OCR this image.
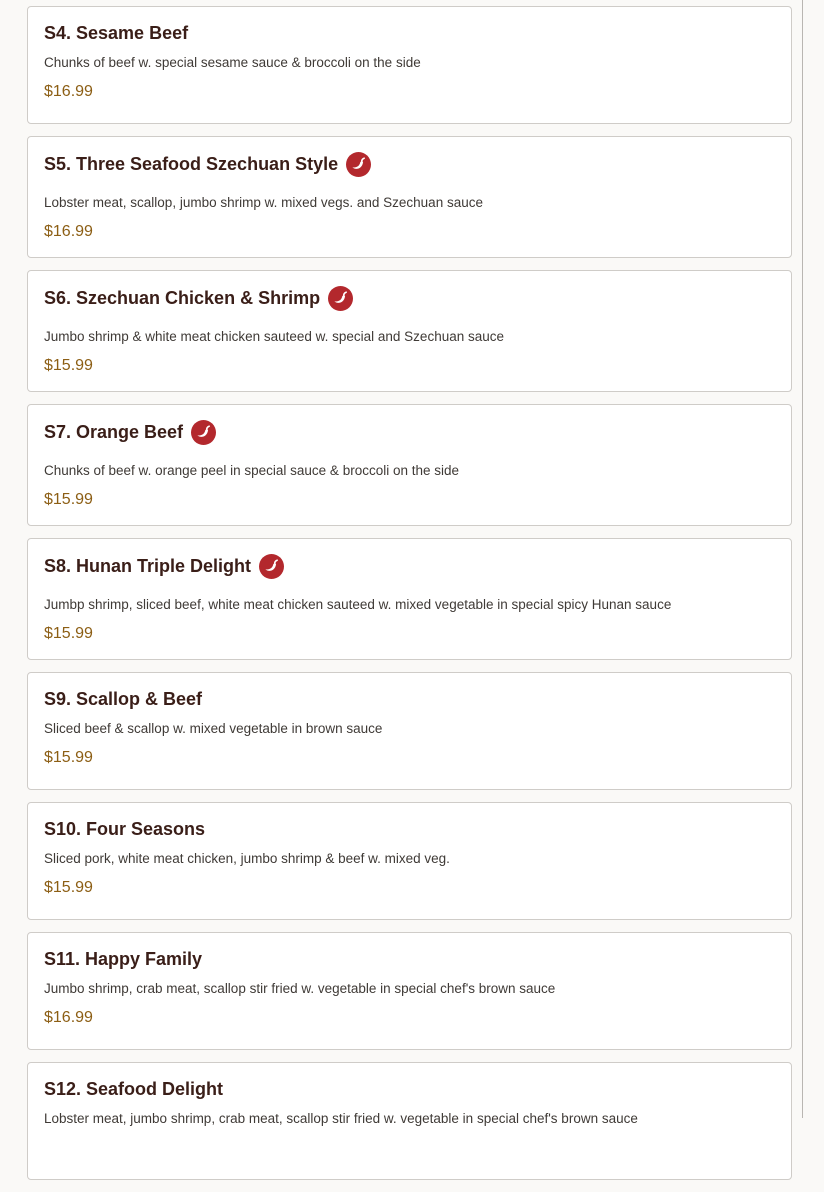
S4. Sesame Beef
Chunks of beef w. special sesame sauce & broccoli on the side
$16.99
S5. Three Seafood Szechuan Style
Lobster meat, scallop, jumbo shrimp w. mixed vegs. and Szechuan sauce
$16.99
S6. Szechuan Chicken & Shrimp
Jumbo shrimp & white meat chicken sauteed w. special and Szechuan sauce
$15.99
S7. Orange Beef
Chunks of beef w. orange peel in special sauce & broccoli on the side
$15.99
S8. Hunan Triple Delight
Jumbp shrimp, sliced beef, white meat chicken sauteed w. mixed vegetable in special spicy Hunan sauce
$15.99
S9. Scallop & Beef
Sliced beef & scallop w. mixed vegetable in brown sauce
$15.99
S10. Four Seasons
Sliced pork, white meat chicken, jumbo shrimp & beef w. mixed veg.
$15.99
S11. Happy Family
Jumbo shrimp, crab meat, scallop stir fried w. vegetable in special chef's brown sauce
$16.99
S12. Seafood Delight
Lobster meat, jumbo shrimp, crab meat, scallop stir fried w. vegetable in special chef's brown sauce
